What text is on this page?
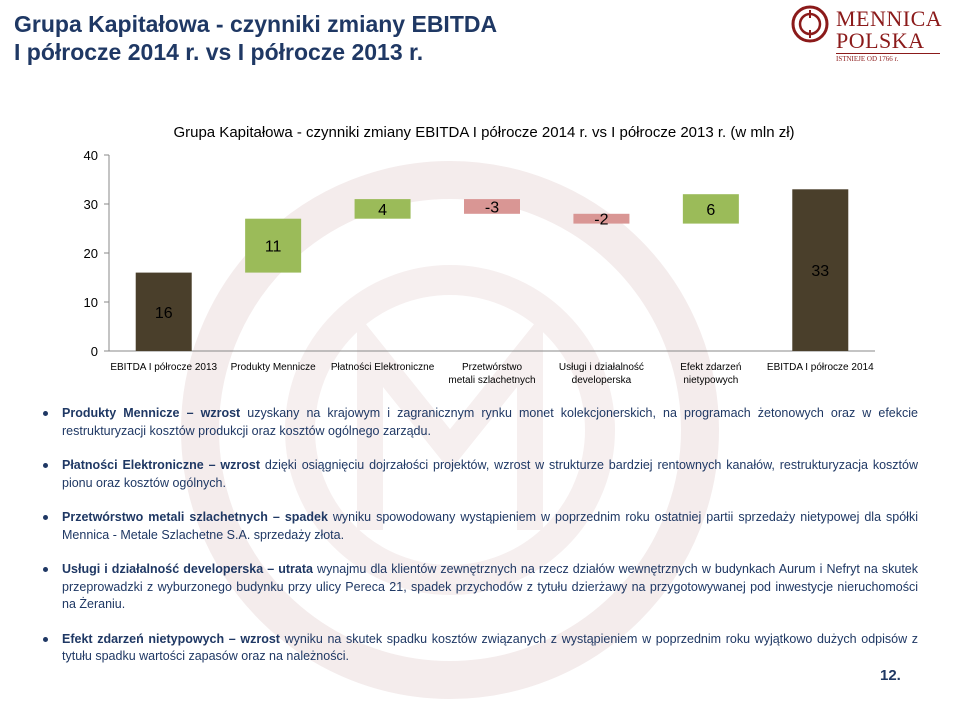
Grupa Kapitałowa - czynniki zmiany EBITDA
I półrocze 2014 r. vs I półrocze 2013 r.
MENNICA
POLSKA
ISTNIEJE OD 1766 r.
Grupa Kapitałowa - czynniki zmiany EBITDA I półrocze 2014 r. vs I półrocze 2013 r. (w mln zł)
0
10
20
30
40
16
11
4	-3
-2
6
33
EBITDA I półrocze 2013 Produkty Mennicze Płatności Elektroniczne	Przetwórstwo metali szlachetnych
Usługi i działalność developerska
Efekt zdarzeń nietypowych
EBITDA I półrocze 2014
Produkty Mennicze – wzrost uzyskany na krajowym i zagranicznym rynku monet kolekcjonerskich, na programach żetonowych oraz w efekcie restrukturyzacji kosztów produkcji oraz kosztów ogólnego zarządu.
Płatności Elektroniczne – wzrost dzięki osiągnięciu dojrzałości projektów, wzrost w strukturze bardziej rentownych kanałów, restrukturyzacja kosztów pionu oraz kosztów ogólnych.
Przetwórstwo metali szlachetnych – spadek wyniku spowodowany wystąpieniem w poprzednim roku ostatniej partii sprzedaży nietypowej dla spółki Mennica - Metale Szlachetne S.A. sprzedaży złota.
Usługi i działalność developerska – utrata wynajmu dla klientów zewnętrznych na rzecz działów wewnętrznych w budynkach Aurum i Nefryt na skutek przeprowadzki z wyburzonego budynku przy ulicy Pereca 21, spadek przychodów z tytułu dzierżawy na przygotowywanej pod inwestycje nieruchomości na Żeraniu.
Efekt zdarzeń nietypowych – wzrost wyniku na skutek spadku kosztów związanych z wystąpieniem w poprzednim roku wyjątkowo dużych odpisów z tytułu spadku wartości zapasów oraz na należności.
12.
